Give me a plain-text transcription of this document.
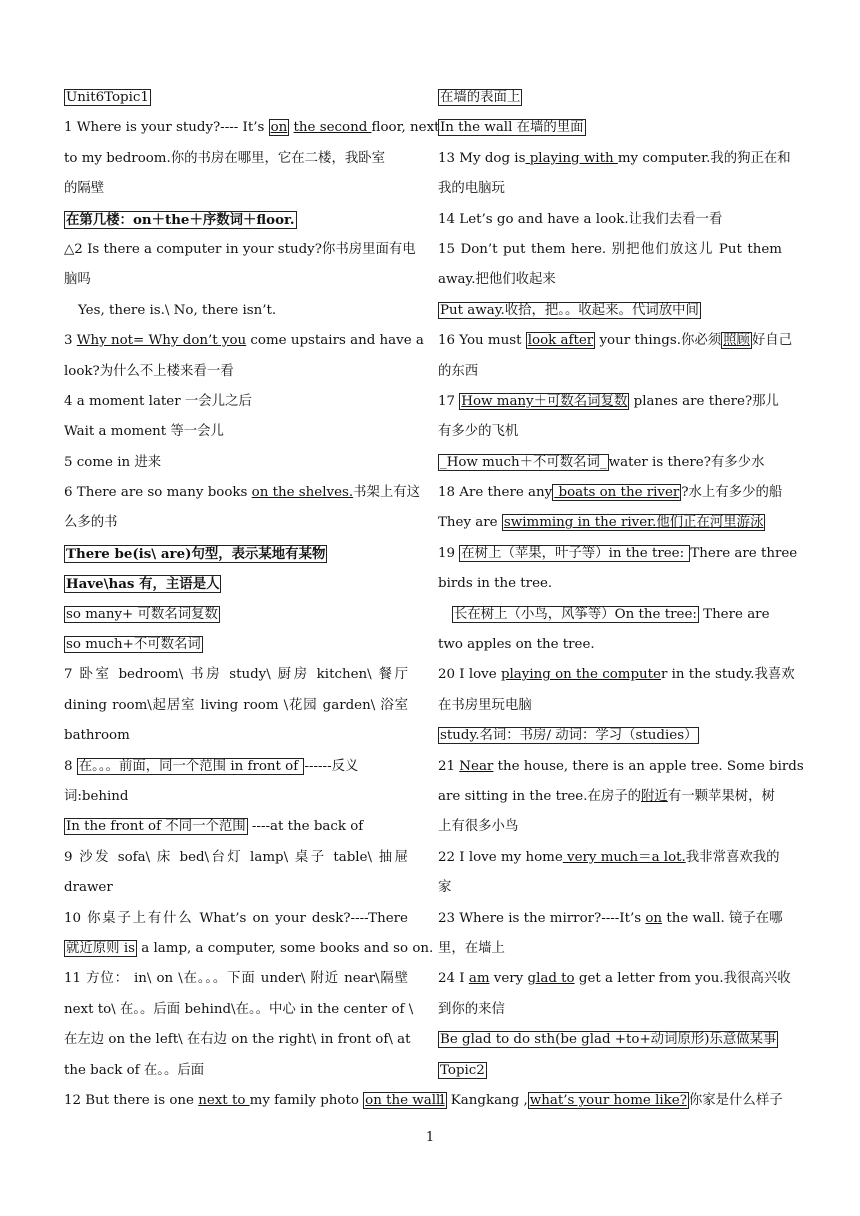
Unit6Topic1
1 Where is your study?---- It’s on the second floor, next
to my bedroom.你的书房在哪里，它在二楼，我卧室
的隔壁
在第几楼：on＋the＋序数词＋floor.
△2 Is there a computer in your study?你书房里面有电
脑吗
Yes, there is.\ No, there isn’t.
3 Why not= Why don’t you come upstairs and have a
look?为什么不上楼来看一看
4 a moment later 一会儿之后
Wait a moment 等一会儿
5 come in 进来
6 There are so many books on the shelves.书架上有这
么多的书
There be(is\ are)句型，表示某地有某物
Have\has 有，主语是人
so many+ 可数名词复数
so much+不可数名词
7 卧室 bedroom\ 书房 study\ 厨房 kitchen\ 餐厅
dining room\起居室 living room \花园 garden\ 浴室
bathroom
8 在。。。前面，同一个范围 in front of ------反义
词:behind
In the front of 不同一个范围 ----at the back of
9 沙发 sofa\ 床 bed\台灯 lamp\ 桌子 table\ 抽屉
drawer
10 你桌子上有什么 What’s on your desk?----There
就近原则 is a lamp, a computer, some books and so on.
11 方位： in\ on \在。。。下面 under\ 附近 near\隔壁
next to\ 在。。后面 behind\在。。中心 in the center of \
在左边 on the left\ 在右边 on the right\ in front of\ at
the back of 在。。后面
12 But there is one next to my family photo on the wall.
在墙的表面上
In the wall 在墙的里面
13 My dog is playing with my computer.我的狗正在和
我的电脑玩
14 Let’s go and have a look.让我们去看一看
15 Don’t put them here. 别把他们放这儿 Put them
away.把他们收起来
Put away.收拾，把。。收起来。代词放中间
16 You must look after your things.你必须 照顾 好自己
的东西
17 How many＋可数名词复数 planes are there?那儿
有多少的飞机
_How much＋不可数名词_ water is there?有多少水
18 Are there any boats on the river ?水上有多少的船
They are swimming in the river.他们正在河里游泳
19 在树上（苹果，叶子等）in the tree: There are three
birds in the tree.
长在树上（小鸟，风筝等）On the tree: There are
two apples on the tree.
20 I love playing on the computer in the study.我喜欢
在书房里玩电脑
study.名词：书房/ 动词：学习（studies）
21 Near the house, there is an apple tree. Some birds
are sitting in the tree.在房子的附近有一颗苹果树，树
上有很多小鸟
22 I love my home very much＝a lot.我非常喜欢我的
家
23 Where is the mirror?----It’s on the wall. 镜子在哪
里，在墙上
24 I am very glad to get a letter from you.我很高兴收
到你的来信
Be glad to do sth(be glad +to+动词原形)乐意做某事
Topic2
1 Kangkang , what’s your home like? 你家是什么样子
1
